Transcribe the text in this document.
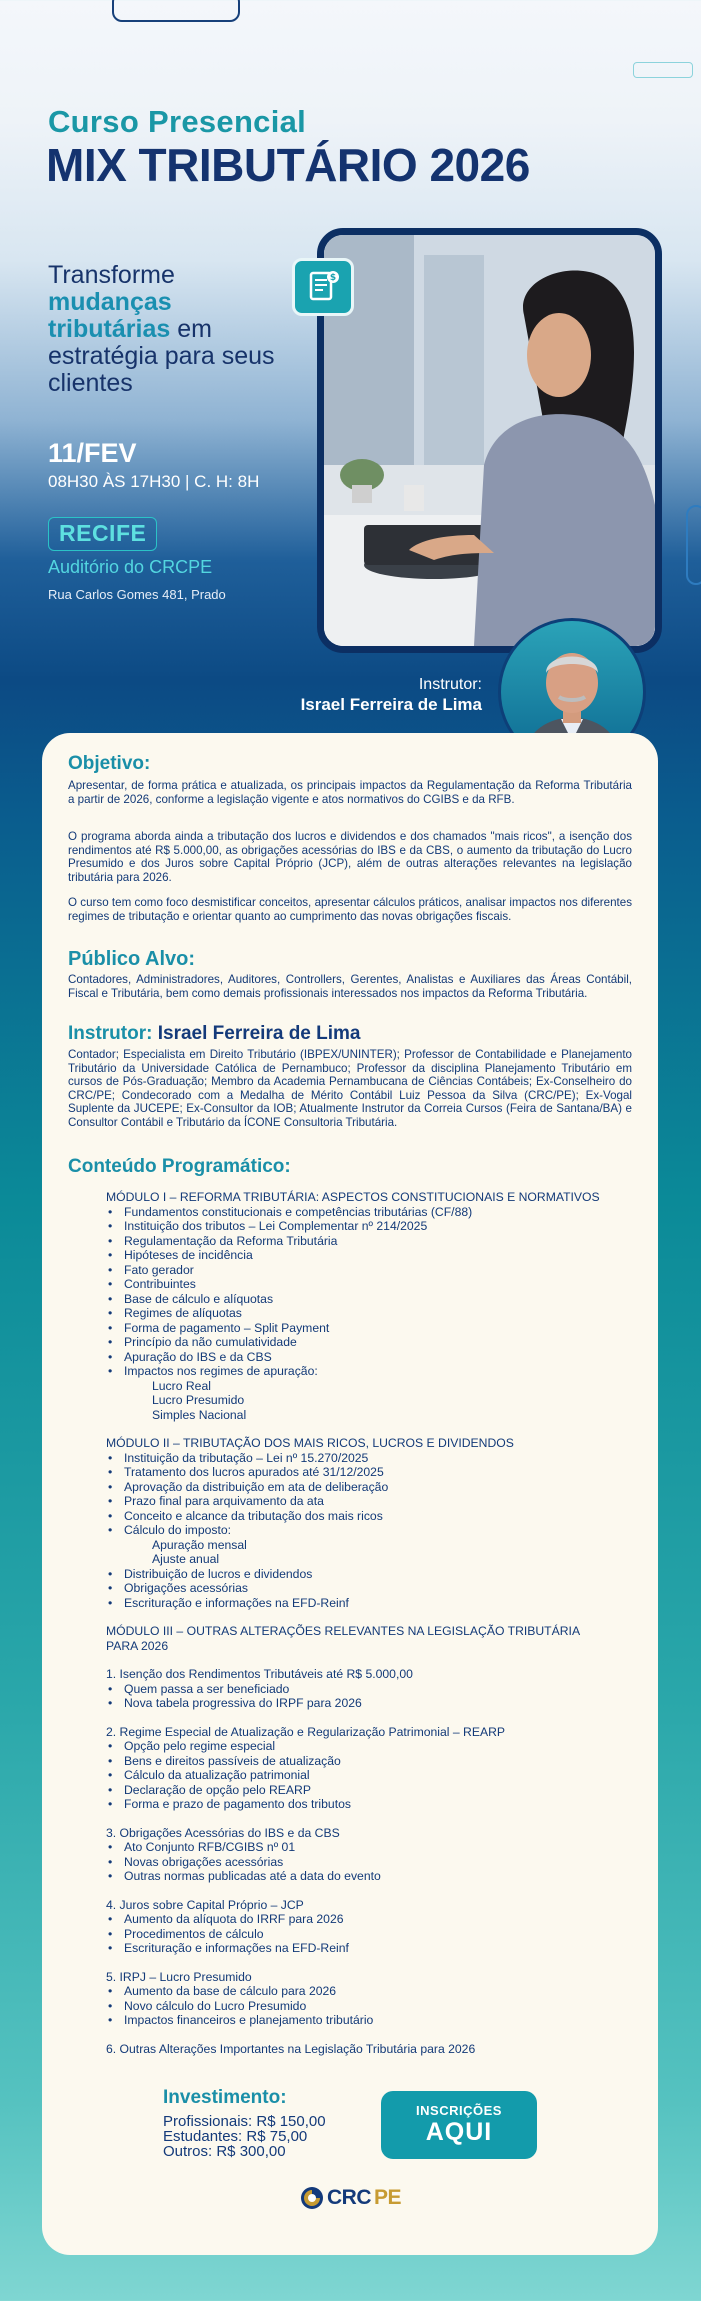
Curso Presencial
MIX TRIBUTÁRIO 2026
Transforme mudanças tributárias em estratégia para seus clientes
11/FEV
08H30 ÀS 17H30 | C. H: 8H
RECIFE
Auditório do CRCPE
Rua Carlos Gomes 481, Prado
$
Instrutor:
Israel Ferreira de Lima
Objetivo:

Apresentar, de forma prática e atualizada, os principais impactos da Regulamentação da Reforma Tributária a partir de 2026, conforme a legislação vigente e atos normativos do CGIBS e da RFB.

O programa aborda ainda a tributação dos lucros e dividendos e dos chamados "mais ricos", a isenção dos rendimentos até R$ 5.000,00, as obrigações acessórias do IBS e da CBS, o aumento da tributação do Lucro Presumido e dos Juros sobre Capital Próprio (JCP), além de outras alterações relevantes na legislação tributária para 2026.

O curso tem como foco desmistificar conceitos, apresentar cálculos práticos, analisar impactos nos diferentes regimes de tributação e orientar quanto ao cumprimento das novas obrigações fiscais.

Público Alvo:

Contadores, Administradores, Auditores, Controllers, Gerentes, Analistas e Auxiliares das Áreas Contábil, Fiscal e Tributária, bem como demais profissionais interessados nos impactos da Reforma Tributária.

Instrutor: Israel Ferreira de Lima

Contador; Especialista em Direito Tributário (IBPEX/UNINTER); Professor de Contabilidade e Planejamento Tributário da Universidade Católica de Pernambuco; Professor da disciplina Planejamento Tributário em cursos de Pós-Graduação; Membro da Academia Pernambucana de Ciências Contábeis; Ex-Conselheiro do CRC/PE; Condecorado com a Medalha de Mérito Contábil Luiz Pessoa da Silva (CRC/PE); Ex-Vogal Suplente da JUCEPE; Ex-Consultor da IOB; Atualmente Instrutor da Correia Cursos (Feira de Santana/BA) e Consultor Contábil e Tributário da ÍCONE Consultoria Tributária.

Conteúdo Programático:
MÓDULO I – REFORMA TRIBUTÁRIA: ASPECTOS CONSTITUCIONAIS E NORMATIVOS
• Fundamentos constitucionais e competências tributárias (CF/88)
• Instituição dos tributos – Lei Complementar nº 214/2025
• Regulamentação da Reforma Tributária
• Hipóteses de incidência
• Fato gerador
• Contribuintes
• Base de cálculo e alíquotas
• Regimes de alíquotas
• Forma de pagamento – Split Payment
• Princípio da não cumulatividade
• Apuração do IBS e da CBS
• Impactos nos regimes de apuração:
Lucro Real
Lucro Presumido
Simples Nacional
MÓDULO II – TRIBUTAÇÃO DOS MAIS RICOS, LUCROS E DIVIDENDOS
• Instituição da tributação – Lei nº 15.270/2025
• Tratamento dos lucros apurados até 31/12/2025
• Aprovação da distribuição em ata de deliberação
• Prazo final para arquivamento da ata
• Conceito e alcance da tributação dos mais ricos
• Cálculo do imposto:
Apuração mensal
Ajuste anual
• Distribuição de lucros e dividendos
• Obrigações acessórias
• Escrituração e informações na EFD-Reinf
MÓDULO III – OUTRAS ALTERAÇÕES RELEVANTES NA LEGISLAÇÃO TRIBUTÁRIA
PARA 2026
1. Isenção dos Rendimentos Tributáveis até R$ 5.000,00
• Quem passa a ser beneficiado
• Nova tabela progressiva do IRPF para 2026
2. Regime Especial de Atualização e Regularização Patrimonial – REARP
• Opção pelo regime especial
• Bens e direitos passíveis de atualização
• Cálculo da atualização patrimonial
• Declaração de opção pelo REARP
• Forma e prazo de pagamento dos tributos
3. Obrigações Acessórias do IBS e da CBS
• Ato Conjunto RFB/CGIBS nº 01
• Novas obrigações acessórias
• Outras normas publicadas até a data do evento
4. Juros sobre Capital Próprio – JCP
• Aumento da alíquota do IRRF para 2026
• Procedimentos de cálculo
• Escrituração e informações na EFD-Reinf
5. IRPJ – Lucro Presumido
• Aumento da base de cálculo para 2026
• Novo cálculo do Lucro Presumido
• Impactos financeiros e planejamento tributário
6. Outras Alterações Importantes na Legislação Tributária para 2026
Investimento:
Profissionais: R$ 150,00
Estudantes: R$ 75,00
Outros: R$ 300,00
INSCRIÇÕES
AQUI
CRC PE
